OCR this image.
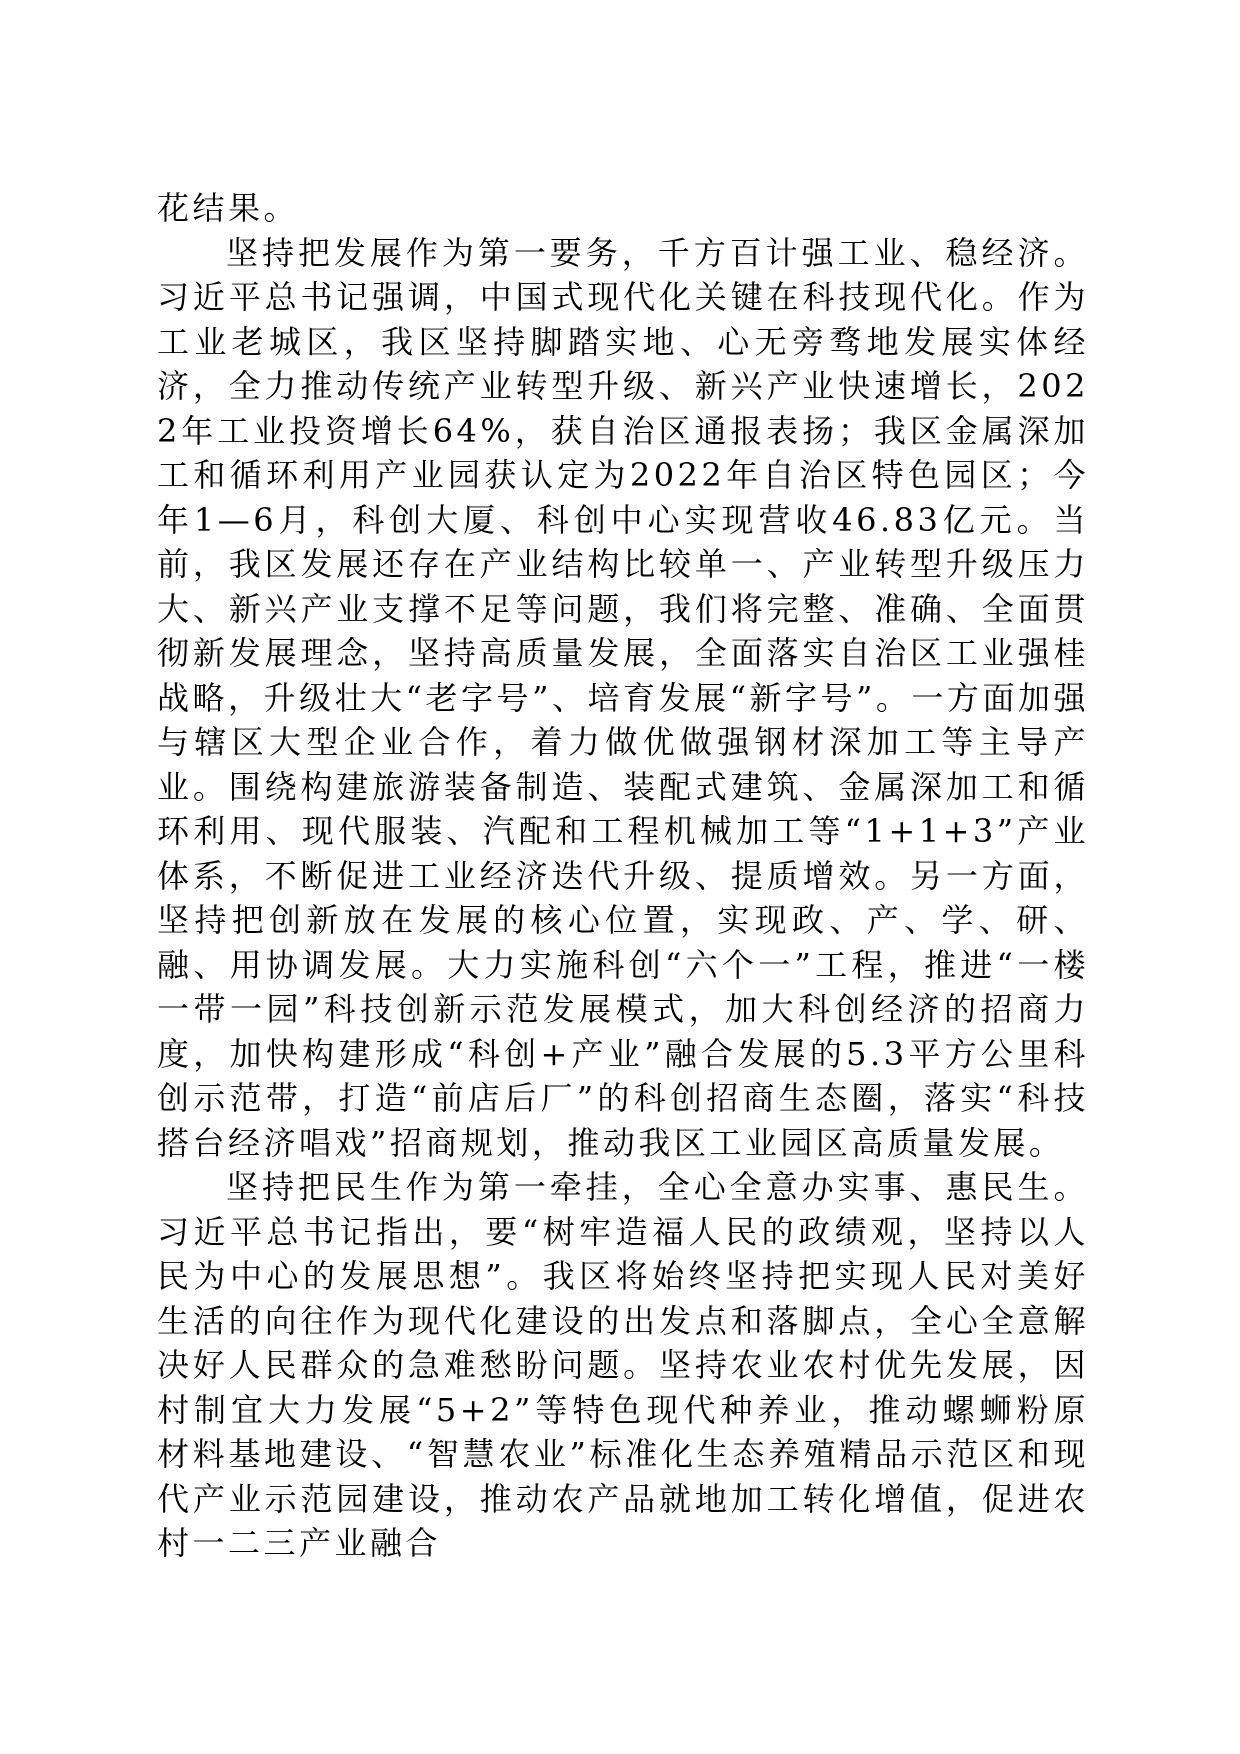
花结果。

坚持把发展作为第一要务，千方百计强工业、稳经济。习近平总书记强调，中国式现代化关键在科技现代化。作为工业老城区，我区坚持脚踏实地、心无旁骛地发展实体经济，全力推动传统产业转型升级、新兴产业快速增长，2022年工业投资增长64%，获自治区通报表扬；我区金属深加工和循环利用产业园获认定为2022年自治区特色园区；今年1—6月，科创大厦、科创中心实现营收46.83亿元。当前，我区发展还存在产业结构比较单一、产业转型升级压力大、新兴产业支撑不足等问题，我们将完整、准确、全面贯彻新发展理念，坚持高质量发展，全面落实自治区工业强桂战略，升级壮大“老字号”、培育发展“新字号”。一方面加强与辖区大型企业合作，着力做优做强钢材深加工等主导产业。围绕构建旅游装备制造、装配式建筑、金属深加工和循环利用、现代服装、汽配和工程机械加工等“1+1+3”产业体系，不断促进工业经济迭代升级、提质增效。另一方面，坚持把创新放在发展的核心位置，实现政、产、学、研、融、用协调发展。大力实施科创“六个一”工程，推进“一楼一带一园”科技创新示范发展模式，加大科创经济的招商力度，加快构建形成“科创+产业”融合发展的5.3平方公里科创示范带，打造“前店后厂”的科创招商生态圈，落实“科技搭台经济唱戏”招商规划，推动我区工业园区高质量发展。

坚持把民生作为第一牵挂，全心全意办实事、惠民生。习近平总书记指出，要“树牢造福人民的政绩观，坚持以人民为中心的发展思想”。我区将始终坚持把实现人民对美好生活的向往作为现代化建设的出发点和落脚点，全心全意解决好人民群众的急难愁盼问题。坚持农业农村优先发展，因村制宜大力发展“5+2”等特色现代种养业，推动螺蛳粉原材料基地建设、“智慧农业”标准化生态养殖精品示范区和现代产业示范园建设，推动农产品就地加工转化增值，促进农村一二三产业融合
